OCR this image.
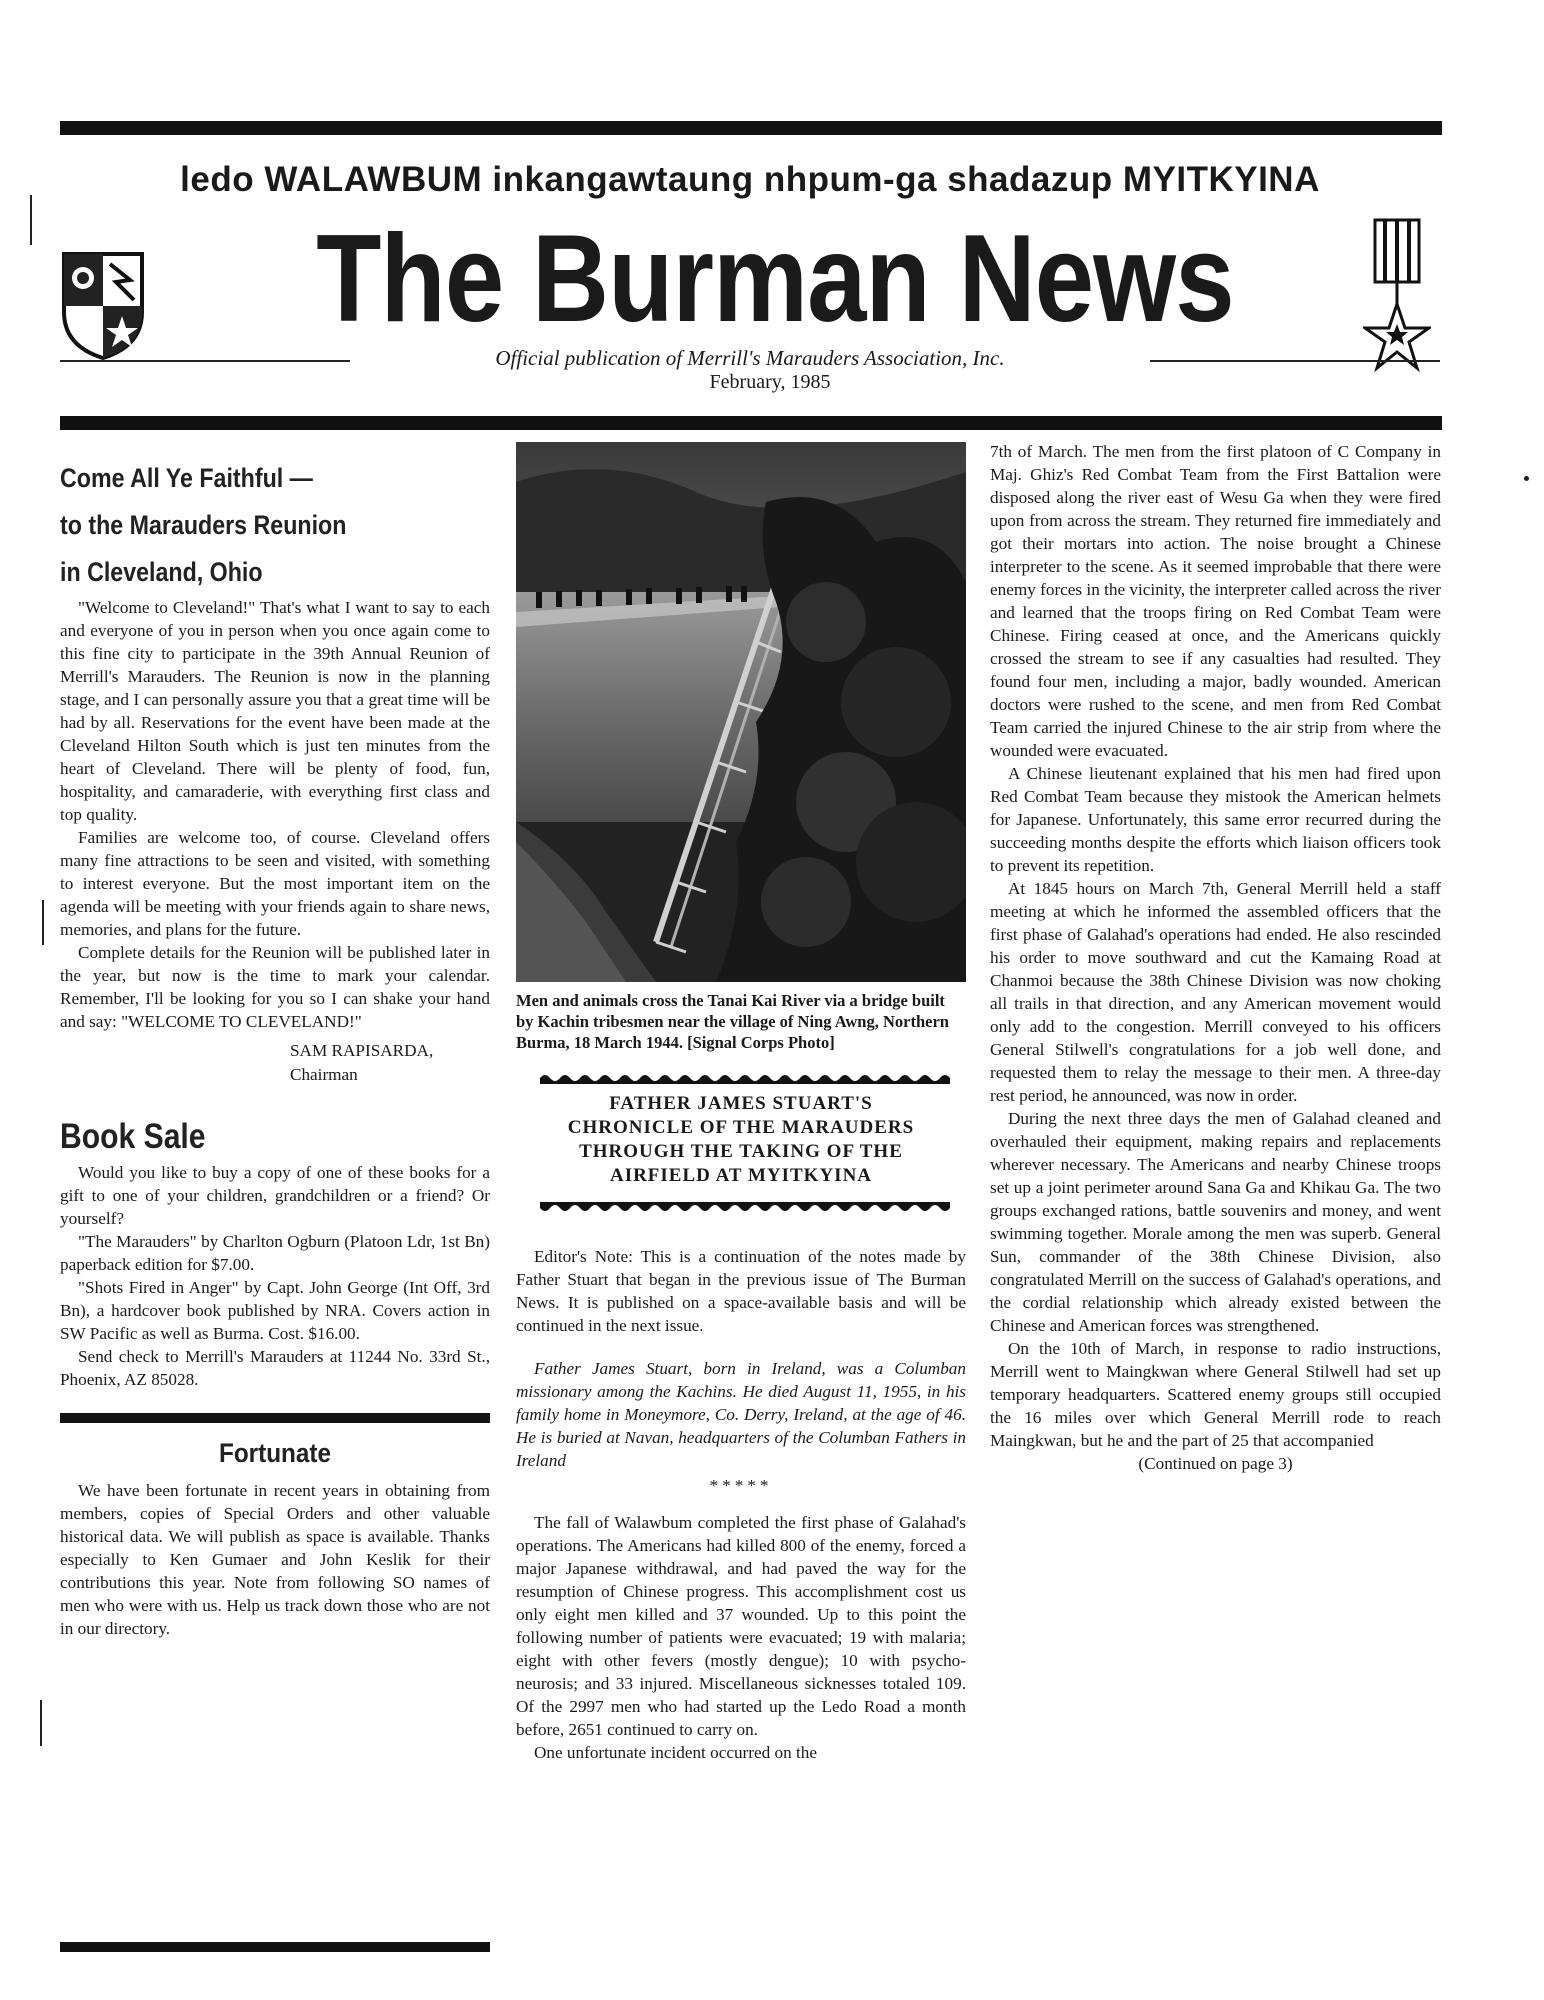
ledo WALAWBUM inkangawtaung nhpum-ga shadazup MYITKYINA
The Burman News
Official publication of Merrill's Marauders Association, Inc.
February, 1985
Come All Ye Faithful —
to the Marauders Reunion
in Cleveland, Ohio

"Welcome to Cleveland!" That's what I want to say to each and everyone of you in person when you once again come to this fine city to participate in the 39th Annual Reunion of Merrill's Marauders. The Reunion is now in the planning stage, and I can personally assure you that a great time will be had by all. Reservations for the event have been made at the Cleveland Hilton South which is just ten minutes from the heart of Cleveland. There will be plenty of food, fun, hospitality, and camaraderie, with everything first class and top quality.

Families are welcome too, of course. Cleveland offers many fine attractions to be seen and visited, with something to interest everyone. But the most important item on the agenda will be meeting with your friends again to share news, memories, and plans for the future.

Complete details for the Reunion will be published later in the year, but now is the time to mark your calendar. Remember, I'll be looking for you so I can shake your hand and say: "WELCOME TO CLEVELAND!"

SAM RAPISARDA,

Chairman

Book Sale

Would you like to buy a copy of one of these books for a gift to one of your children, grandchildren or a friend? Or yourself?

"The Marauders" by Charlton Ogburn (Platoon Ldr, 1st Bn) paperback edition for $7.00.

"Shots Fired in Anger" by Capt. John George (Int Off, 3rd Bn), a hardcover book published by NRA. Covers action in SW Pacific as well as Burma. Cost. $16.00.

Send check to Merrill's Marauders at 11244 No. 33rd St., Phoenix, AZ 85028.

Fortunate

We have been fortunate in recent years in obtaining from members, copies of Special Orders and other valuable historical data. We will publish as space is available. Thanks especially to Ken Gumaer and John Keslik for their contributions this year. Note from following SO names of men who were with us. Help us track down those who are not in our directory.

Men and animals cross the Tanai Kai River via a bridge built by Kachin tribesmen near the village of Ning Awng, Northern Burma, 18 March 1944. [Signal Corps Photo]
FATHER JAMES STUART'S
CHRONICLE OF THE MARAUDERS
THROUGH THE TAKING OF THE
AIRFIELD AT MYITKYINA

Editor's Note: This is a continuation of the notes made by Father Stuart that began in the previous issue of The Burman News. It is published on a space-available basis and will be continued in the next issue.

Father James Stuart, born in Ireland, was a Columban missionary among the Kachins. He died August 11, 1955, in his family home in Moneymore, Co. Derry, Ireland, at the age of 46. He is buried at Navan, headquarters of the Columban Fathers in Ireland

*****

The fall of Walawbum completed the first phase of Galahad's operations. The Americans had killed 800 of the enemy, forced a major Japanese withdrawal, and had paved the way for the resumption of Chinese progress. This accomplishment cost us only eight men killed and 37 wounded. Up to this point the following number of patients were evacuated; 19 with malaria; eight with other fevers (mostly dengue); 10 with psycho-neurosis; and 33 injured. Miscellaneous sicknesses totaled 109. Of the 2997 men who had started up the Ledo Road a month before, 2651 continued to carry on.

One unfortunate incident occurred on the

7th of March. The men from the first platoon of C Company in Maj. Ghiz's Red Combat Team from the First Battalion were disposed along the river east of Wesu Ga when they were fired upon from across the stream. They returned fire immediately and got their mortars into action. The noise brought a Chinese interpreter to the scene. As it seemed improbable that there were enemy forces in the vicinity, the interpreter called across the river and learned that the troops firing on Red Combat Team were Chinese. Firing ceased at once, and the Americans quickly crossed the stream to see if any casualties had resulted. They found four men, including a major, badly wounded. American doctors were rushed to the scene, and men from Red Combat Team carried the injured Chinese to the air strip from where the wounded were evacuated.

A Chinese lieutenant explained that his men had fired upon Red Combat Team because they mistook the American helmets for Japanese. Unfortunately, this same error recurred during the succeeding months despite the efforts which liaison officers took to prevent its repetition.

At 1845 hours on March 7th, General Merrill held a staff meeting at which he informed the assembled officers that the first phase of Galahad's operations had ended. He also rescinded his order to move southward and cut the Kamaing Road at Chanmoi because the 38th Chinese Division was now choking all trails in that direction, and any American movement would only add to the congestion. Merrill conveyed to his officers General Stilwell's congratulations for a job well done, and requested them to relay the message to their men. A three-day rest period, he announced, was now in order.

During the next three days the men of Galahad cleaned and overhauled their equipment, making repairs and replacements wherever necessary. The Americans and nearby Chinese troops set up a joint perimeter around Sana Ga and Khikau Ga. The two groups exchanged rations, battle souvenirs and money, and went swimming together. Morale among the men was superb. General Sun, commander of the 38th Chinese Division, also congratulated Merrill on the success of Galahad's operations, and the cordial relationship which already existed between the Chinese and American forces was strengthened.

On the 10th of March, in response to radio instructions, Merrill went to Maingkwan where General Stilwell had set up temporary headquarters. Scattered enemy groups still occupied the 16 miles over which General Merrill rode to reach Maingkwan, but he and the part of 25 that accompanied

(Continued on page 3)
